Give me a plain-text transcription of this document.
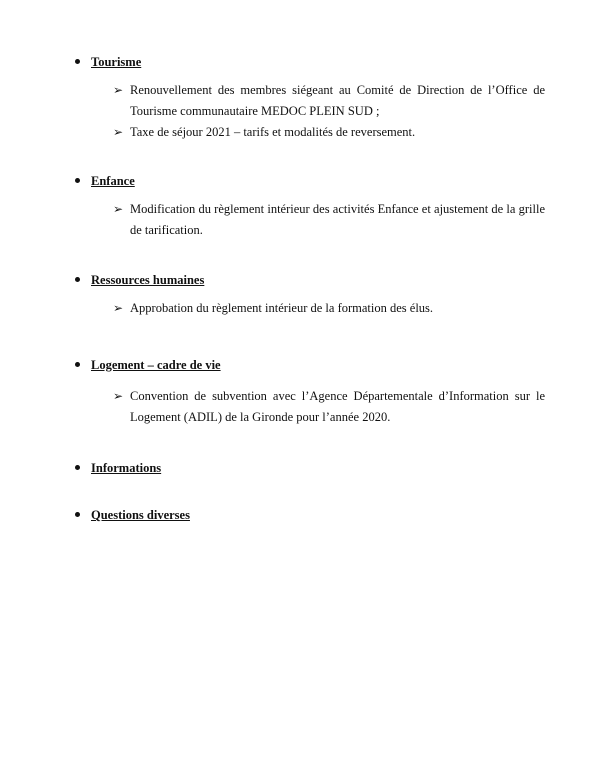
Tourisme
➢ Renouvellement des membres siégeant au Comité de Direction de l’Office de Tourisme communautaire MEDOC PLEIN SUD ;
➢ Taxe de séjour 2021 – tarifs et modalités de reversement.
Enfance
➢ Modification du règlement intérieur des activités Enfance et ajustement de la grille de tarification.
Ressources humaines
➢ Approbation du règlement intérieur de la formation des élus.
Logement – cadre de vie
➢ Convention de subvention avec l’Agence Départementale d’Information sur le Logement (ADIL) de la Gironde pour l’année 2020.
Informations
Questions diverses
